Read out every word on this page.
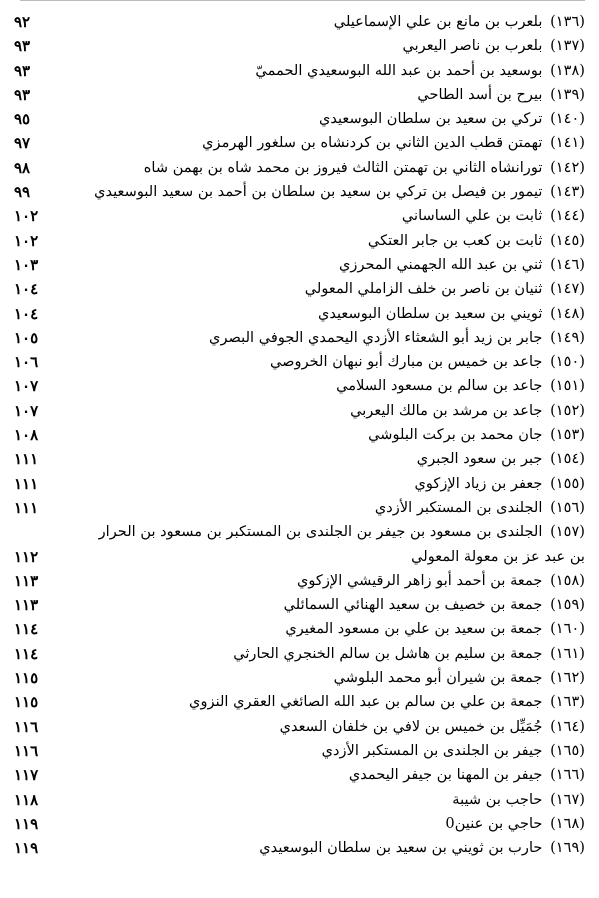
(١٣٦) بلعرب بن مانع بن علي الإسماعيلي
٩٢
(١٣٧) بلعرب بن ناصر اليعربي
٩٣
(١٣٨) بوسعيد بن أحمد بن عبد الله البوسعيدي الحمميّ
٩٣
(١٣٩) بيرح بن أسد الطاحي
٩٣
(١٤٠) تركي بن سعيد بن سلطان البوسعيدي
٩٥
(١٤١) تهمتن قطب الدين الثاني بن كردنشاه بن سلغور الهرمزي
٩٧
(١٤٢) تورانشاه الثاني بن تهمتن الثالث فيروز بن محمد شاه بن بهمن شاه
٩٨
(١٤٣) تيمور بن فيصل بن تركي بن سعيد بن سلطان بن أحمد بن سعيد البوسعيدي
٩٩
(١٤٤) ثابت بن علي الساساني
١٠٢
(١٤٥) ثابت بن كعب بن جابر العتكي
١٠٢
(١٤٦) ثني بن عبد الله الجهمني المحرزي
١٠٣
(١٤٧) ثنيان بن ناصر بن خلف الزاملي المعولي
١٠٤
(١٤٨) ثويني بن سعيد بن سلطان البوسعيدي
١٠٤
(١٤٩) جابر بن زيد أبو الشعثاء الأزدي اليحمدي الجوفي البصري
١٠٥
(١٥٠) جاعد بن خميس بن مبارك أبو نبهان الخروصي
١٠٦
(١٥١) جاعد بن سالم بن مسعود السلامي
١٠٧
(١٥٢) جاعد بن مرشد بن مالك اليعربي
١٠٧
(١٥٣) جان محمد بن بركت البلوشي
١٠٨
(١٥٤) جبر بن سعود الجبري
١١١
(١٥٥) جعفر بن زياد الإزكوي
١١١
(١٥٦) الجلندى بن المستكبر الأزدي
١١١
(١٥٧) الجلندى بن مسعود بن جيفر بن الجلندى بن المستكبر بن مسعود بن الحرار
بن عبد عز بن معولة المعولي
١١٢
(١٥٨) جمعة بن أحمد أبو زاهر الرقيشي الإزكوي
١١٣
(١٥٩) جمعة بن خصيف بن سعيد الهنائي السمائلي
١١٣
(١٦٠) جمعة بن سعيد بن علي بن مسعود المغيري
١١٤
(١٦١) جمعة بن سليم بن هاشل بن سالم الخنجري الحارثي
١١٤
(١٦٢) جمعة بن شيران أبو محمد البلوشي
١١٥
(١٦٣) جمعة بن علي بن سالم بن عبد الله الصائغي العقري النزوي
١١٥
(١٦٤) جُمَيِّل بن خميس بن لافي بن خلفان السعدي
١١٦
(١٦٥) جيفر بن الجلندى بن المستكبر الأزدي
١١٦
(١٦٦) جيفر بن المهنا بن جيفر اليحمدي
١١٧
(١٦٧) حاجب بن شيبة
١١٨
(١٦٨) حاجي بن عنين0
١١٩
(١٦٩) حارب بن ثويني بن سعيد بن سلطان البوسعيدي
١١٩
